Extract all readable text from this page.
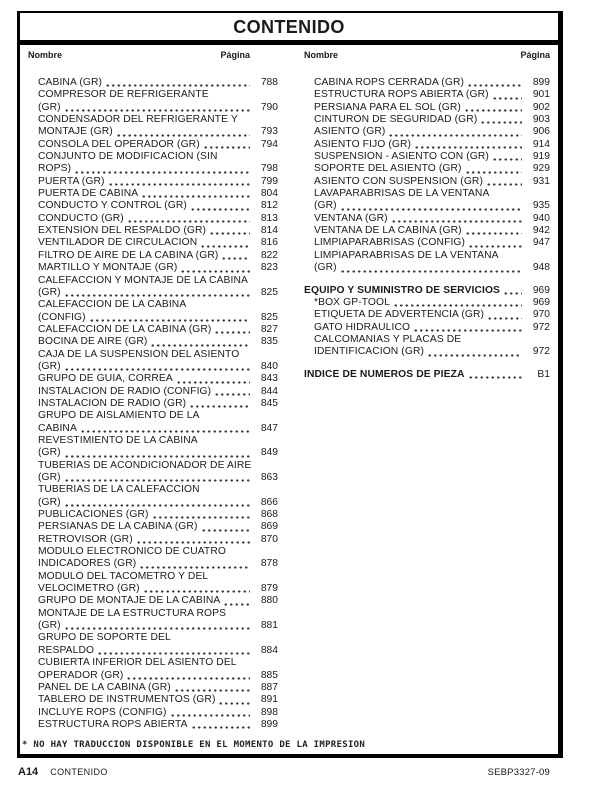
CONTENIDO
Nombre	Página	Nombre	Página
CABINA (GR)	788
COMPRESOR DE REFRIGERANTE
(GR)	790
CONDENSADOR DEL REFRIGERANTE Y
MONTAJE (GR)	793
CONSOLA DEL OPERADOR (GR)	794
CONJUNTO DE MODIFICACIÓN (SIN
ROPS)	798
PUERTA (GR)	799
PUERTA DE CABINA	804
CONDUCTO Y CONTROL (GR)	812
CONDUCTO (GR)	813
EXTENSIÓN DEL RESPALDO (GR)	814
VENTILADOR DE CIRCULACIÓN	816
FILTRO DE AIRE DE LA CABINA (GR)	822
MARTILLO Y MONTAJE (GR)	823
CALEFACCIÓN Y MONTAJE DE LA CABINA
(GR)	825
CALEFACCIÓN DE LA CABINA
(CONFIG)	825
CALEFACCIÓN DE LA CABINA (GR)	827
BOCINA DE AIRE (GR)	835
CAJA DE LA SUSPENSIÓN DEL ASIENTO
(GR)	840
GRUPO DE GUIA, CORREA	843
INSTALACIÓN DE RADIO (CONFIG)	844
INSTALACIÓN DE RADIO (GR)	845
GRUPO DE AISLAMIENTO DE LA
CABINA	847
REVESTIMIENTO DE LA CABINA
(GR)	849
TUBERÍAS DE ACONDICIONADOR DE AIRE
(GR)	863
TUBERÍAS DE LA CALEFACCIÓN
(GR)	866
PUBLICACIONES (GR)	868
PERSIANAS DE LA CABINA (GR)	869
RETROVISOR (GR)	870
MODULO ELECTRÓNICO DE CUATRO
INDICADORES (GR)	878
MÓDULO DEL TACÓMETRO Y DEL
VELOCÍMETRO (GR)	879
GRUPO DE MONTAJE DE LA CABINA	880
MONTAJE DE LA ESTRUCTURA ROPS
(GR)	881
GRUPO DE SOPORTE DEL
RESPALDO	884
CUBIERTA INFERIOR DEL ASIENTO DEL
OPERADOR (GR)	885
PANEL DE LA CABINA (GR)	887
TABLERO DE INSTRUMENTOS (GR)	891
INCLUYE ROPS (CONFIG)	898
ESTRUCTURA ROPS ABIERTA	899
CABINA ROPS CERRADA (GR)	899
ESTRUCTURA ROPS ABIERTA (GR)	901
PERSIANA PARA EL SOL (GR)	902
CINTURÓN DE SEGURIDAD (GR)	903
ASIENTO (GR)	906
ASIENTO FIJO (GR)	914
SUSPENSIÓN - ASIENTO CON (GR)	919
SOPORTE DEL ASIENTO (GR)	929
ASIENTO CON SUSPENSIÓN (GR)	931
LAVAPARABRISAS DE LA VENTANA
(GR)	935
VENTANA (GR)	940
VENTANA DE LA CABINA (GR)	942
LIMPIAPARABRISAS (CONFIG)	947
LIMPIAPARABRISAS DE LA VENTANA
(GR)	948
EQUIPO Y SUMINISTRO DE SERVICIOS	969
*BOX GP-TOOL	969
ETIQUETA DE ADVERTENCIA (GR)	970
GATO HIDRÁULICO	972
CALCOMANÍAS Y PLACAS DE
IDENTIFICACIÓN (GR)	972
INDICE DE NUMEROS DE PIEZA	B1
* NO HAY TRADUCCION DISPONIBLE EN EL MOMENTO DE LA IMPRESION
A14 CONTENIDO	SEBP3327-09
